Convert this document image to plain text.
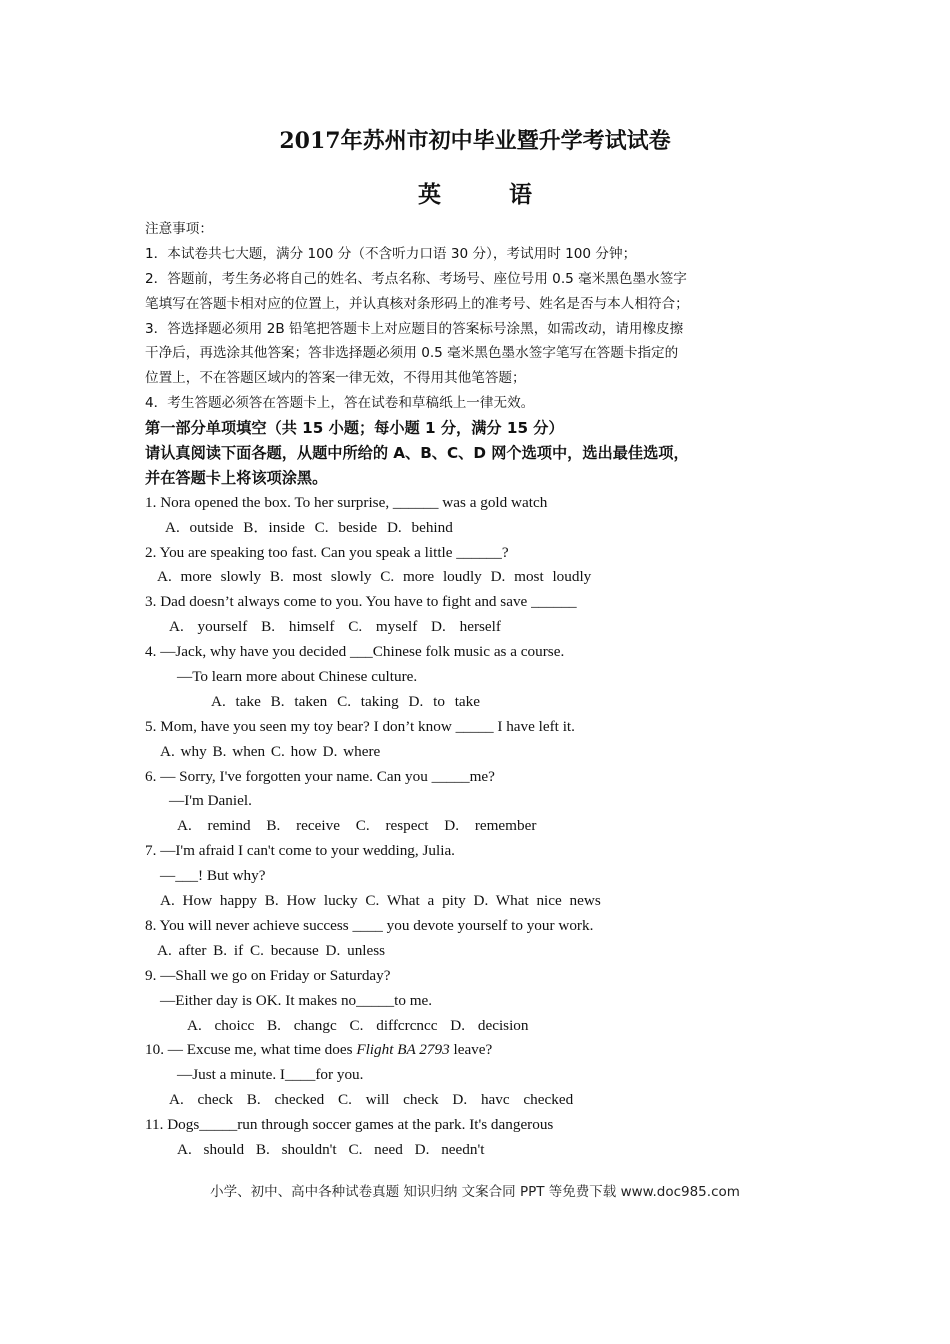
2017年苏州市初中毕业暨升学考试试卷
英 语
注意事项：
1．本试卷共七大题，满分 100 分（不含听力口语 30 分），考试用时 100 分钟；
2．答题前，考生务必将自己的姓名、考点名称、考场号、座位号用 0.5 毫米黑色墨水签字
笔填写在答题卡相对应的位置上，并认真核对条形码上的准考号、姓名是否与本人相符合；
3．答选择题必须用 2B 铅笔把答题卡上对应题目的答案标号涂黑，如需改动，请用橡皮擦
干净后，再选涂其他答案；答非选择题必须用 0.5 毫米黑色墨水签字笔写在答题卡指定的
位置上，不在答题区域内的答案一律无效，不得用其他笔答题；
4．考生答题必须答在答题卡上，答在试卷和草稿纸上一律无效。
第一部分单项填空（共 15 小题；每小题 1 分，满分 15 分）
请认真阅读下面各题，从题中所给的 A、B、C、D 网个选项中，选出最佳选项，
并在答题卡上将该项涂黑。
1. Nora opened the box. To her surprise, ______ was a gold watch
A. outside B．inside C. beside D. behind
2. You are speaking too fast. Can you speak a little ______?
A. more slowly B. most slowly C. more loudly D. most loudly
3. Dad doesn’t always come to you. You have to fight and save ______
A. yourself B. himself C. myself D. herself
4. —Jack, why have you decided ___Chinese folk music as a course.
—To learn more about Chinese culture.
A. take B. taken C. taking D. to take
5. Mom, have you seen my toy bear? I don’t know _____ I have left it.
A. why B. when C. how D. where
6. — Sorry, I've forgotten your name. Can you _____me?
—I'm Daniel.
A. remind B. receive C. respect D. remember
7. —I'm afraid I can't come to your wedding, Julia.
—___! But why?
A. How happy B. How lucky C. What a pity D. What nice news
8. You will never achieve success ____ you devote yourself to your work.
A. after B. if C. because D. unless
9. —Shall we go on Friday or Saturday?
—Either day is OK. It makes no_____to me.
A. choicc B. changc C. diffcrcncc D. decision
10. — Excuse me, what time does Flight BA 2793 leave?
—Just a minute. I____for you.
A. check B. checked C. will check D. havc checked
11. Dogs_____run through soccer games at the park. It's dangerous
A. should B. shouldn't C. need D. needn't
小学、初中、高中各种试卷真题 知识归纳 文案合同 PPT 等免费下载 www.doc985.com
